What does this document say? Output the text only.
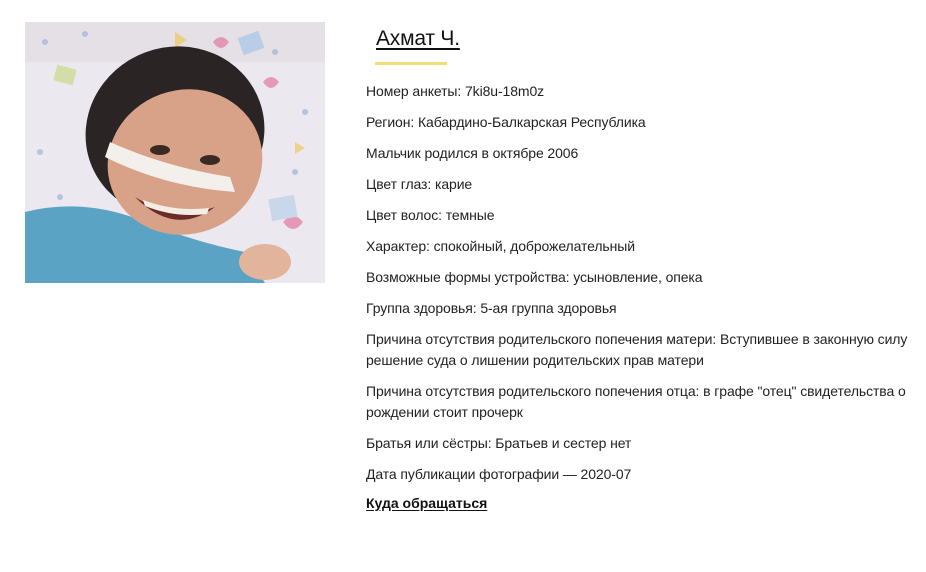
Ахмат Ч.
Номер анкеты : 7ki8u-18m0z
Регион : Кабардино-Балкарская Республика
Мальчик родился в октябре 2006
Цвет глаз : карие
Цвет волос : темные
Характер : спокойный, доброжелательный
Возможные формы устройства : усыновление, опека
Группа здоровья : 5-ая группа здоровья
Причина отсутствия родительского попечения матери : Вступившее в законную силу решение суда о лишении родительских прав матери
Причина отсутствия родительского попечения отца : в графе "отец" свидетельства о рождении стоит прочерк
Братья или сёстры : Братьев и сестер нет
Дата публикации фотографии — 2020-07
Куда обращаться
